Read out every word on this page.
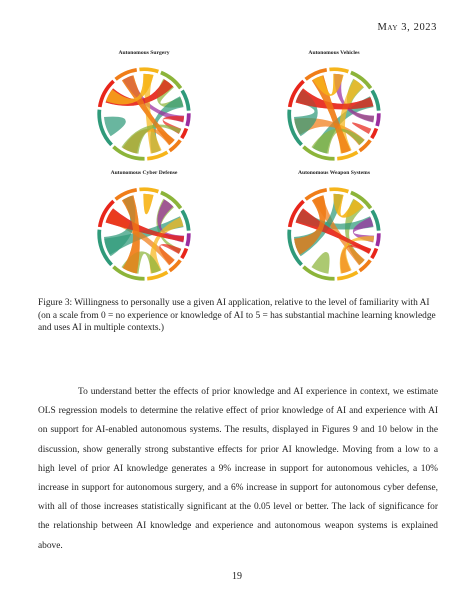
May 3, 2023
Autonomous Surgery	Autonomous Vehicles
Autonomous Cyber Defense	Autonomous Weapon Systems
Figure 3: Willingness to personally use a given AI application, relative to the level of familiarity with AI (on a scale from 0 = no experience or knowledge of AI to 5 = has substantial machine learning knowledge and uses AI in multiple contexts.)
To understand better the effects of prior knowledge and AI experience in context, we estimate OLS regression models to determine the relative effect of prior knowledge of AI and experience with AI on support for AI-enabled autonomous systems. The results, displayed in Figures 9 and 10 below in the discussion, show generally strong substantive effects for prior AI knowledge. Moving from a low to a high level of prior AI knowledge generates a 9% increase in support for autonomous vehicles, a 10% increase in support for autonomous surgery, and a 6% increase in support for autonomous cyber defense, with all of those increases statistically significant at the 0.05 level or better. The lack of significance for the relationship between AI knowledge and experience and autonomous weapon systems is explained above.
19
